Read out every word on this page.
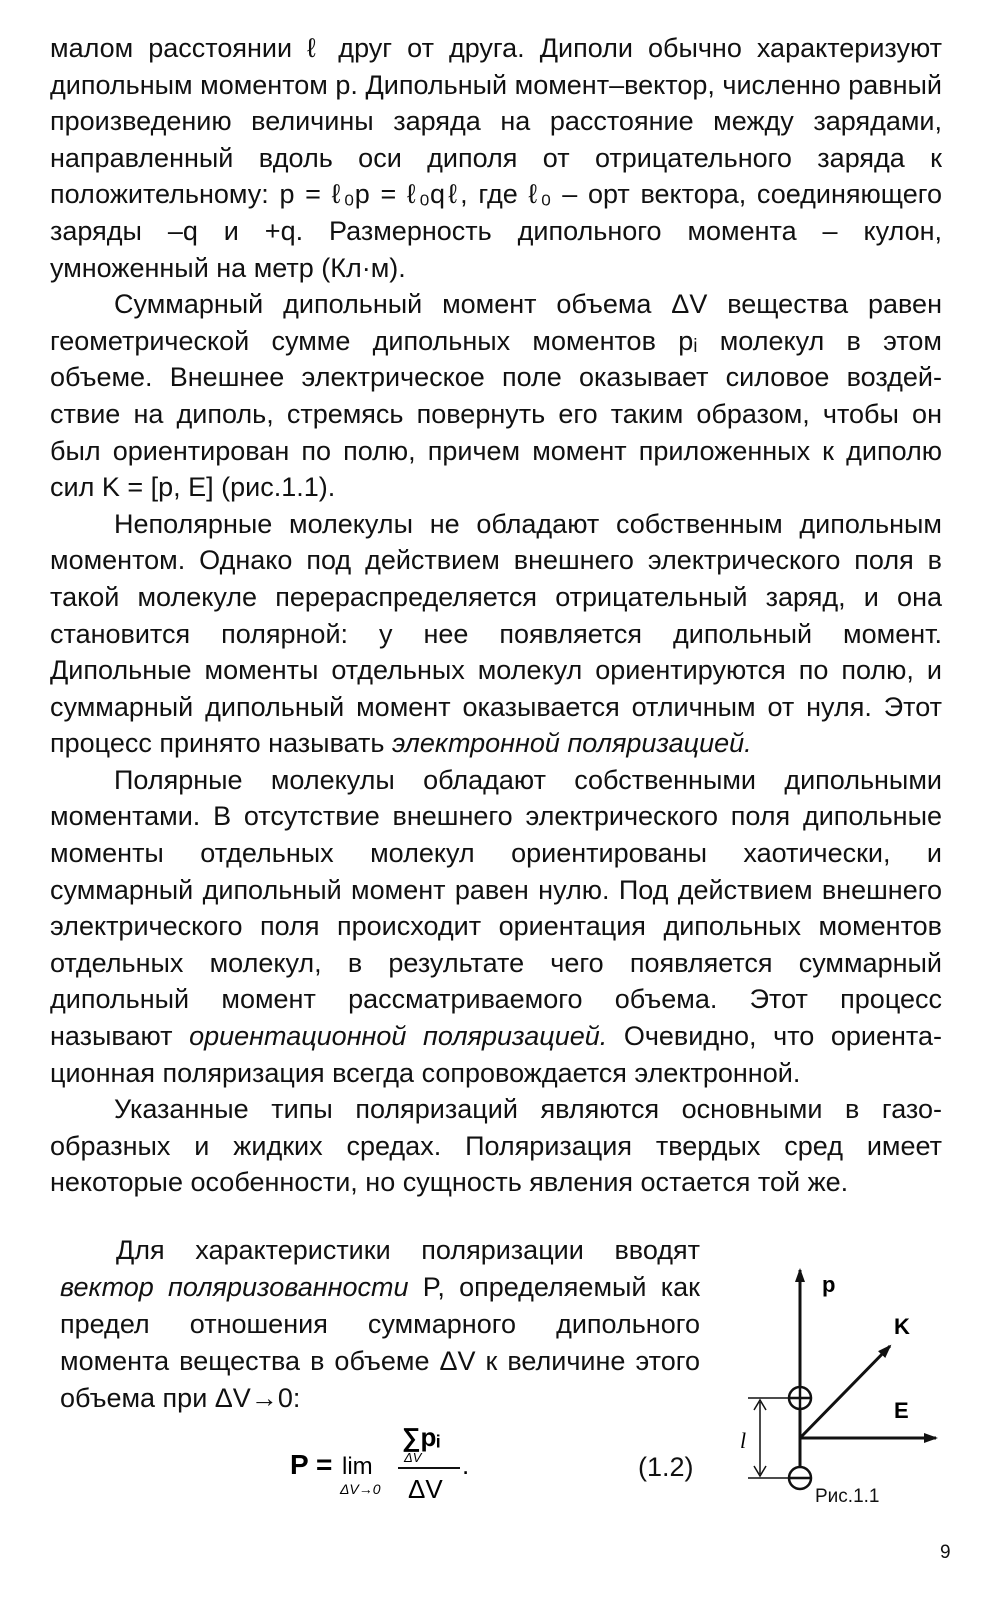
малом расстоянии ℓ друг от друга. Диполи обычно характеризуют дипольным моментом p. Дипольный момент–вектор, численно равный произведению величины заряда на расстояние между зарядами, направленный вдоль оси диполя от отрицательного заряда к положительному: p = ℓ₀p = ℓ₀qℓ, где ℓ₀ – орт вектора, соединяющего заряды –q и +q. Размерность дипольного момента – кулон, умноженный на метр (Кл·м).

Суммарный дипольный момент объема ΔV вещества равен геометрической сумме дипольных моментов pᵢ молекул в этом объеме. Внешнее электрическое поле оказывает силовое воздействие на диполь, стремясь повернуть его таким образом, чтобы он был ориентирован по полю, причем момент приложенных к диполю сил K = [p, E] (рис.1.1).

Неполярные молекулы не обладают собственным дипольным моментом. Однако под действием внешнего электрического поля в такой молекуле перераспределяется отрицательный заряд, и она становится полярной: у нее появляется дипольный момент. Дипольные моменты отдельных молекул ориентируются по полю, и суммарный дипольный момент оказывается отличным от нуля. Этот процесс принято называть электронной поляризацией.

Полярные молекулы обладают собственными дипольными моментами. В отсутствие внешнего электрического поля дипольные моменты отдельных молекул ориентированы хаотически, и суммарный дипольный момент равен нулю. Под действием внешнего электрического поля происходит ориентация дипольных моментов отдельных молекул, в результате чего появляется суммарный дипольный момент рассматриваемого объема. Этот процесс называют ориентационной поляризацией. Очевидно, что ориентационная поляризация всегда сопровождается электронной.

Указанные типы поляризаций являются основными в газообразных и жидких средах. Поляризация твердых сред имеет некоторые особенности, но сущность явления остается той же.

Для характеристики поляризации вводят вектор поляризованности P, определяемый как предел отношения суммарного дипольного момента вещества в объеме ΔV к величине этого объема при ΔV→0:

P = lim
ΔV→0
∑pᵢ
ΔV
ΔV
.	(1.2)
p
K
E
l
Рис.1.1
9
